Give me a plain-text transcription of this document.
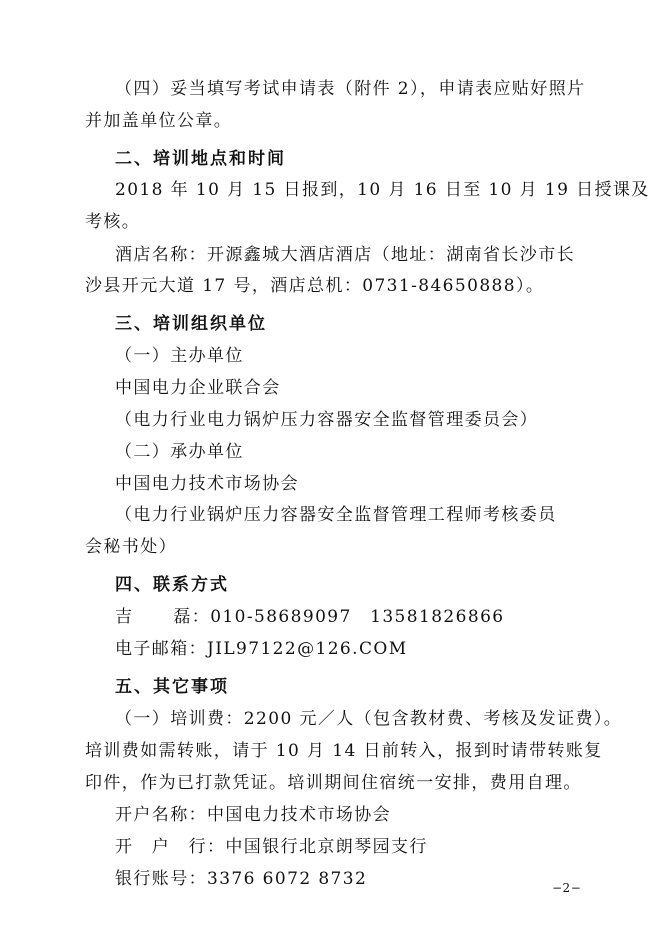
（四）妥当填写考试申请表（附件 2），申请表应贴好照片
并加盖单位公章。
二、培训地点和时间
2018 年 10 月 15 日报到，10 月 16 日至 10 月 19 日授课及
考核。
酒店名称：开源鑫城大酒店酒店（地址：湖南省长沙市长
沙县开元大道 17 号，酒店总机：0731-84650888）。
三、培训组织单位
（一）主办单位
中国电力企业联合会
（电力行业电力锅炉压力容器安全监督管理委员会）
（二）承办单位
中国电力技术市场协会
（电力行业锅炉压力容器安全监督管理工程师考核委员
会秘书处）
四、联系方式
吉 磊：010-58689097　13581826866
电子邮箱：JIL97122@126.COM
五、其它事项
（一）培训费：2200 元／人（包含教材费、考核及发证费）。
培训费如需转账，请于 10 月 14 日前转入，报到时请带转账复
印件，作为已打款凭证。培训期间住宿统一安排，费用自理。
开户名称：中国电力技术市场协会
开　户　行：中国银行北京朗琴园支行
银行账号：3376 6072 8732	−2−
